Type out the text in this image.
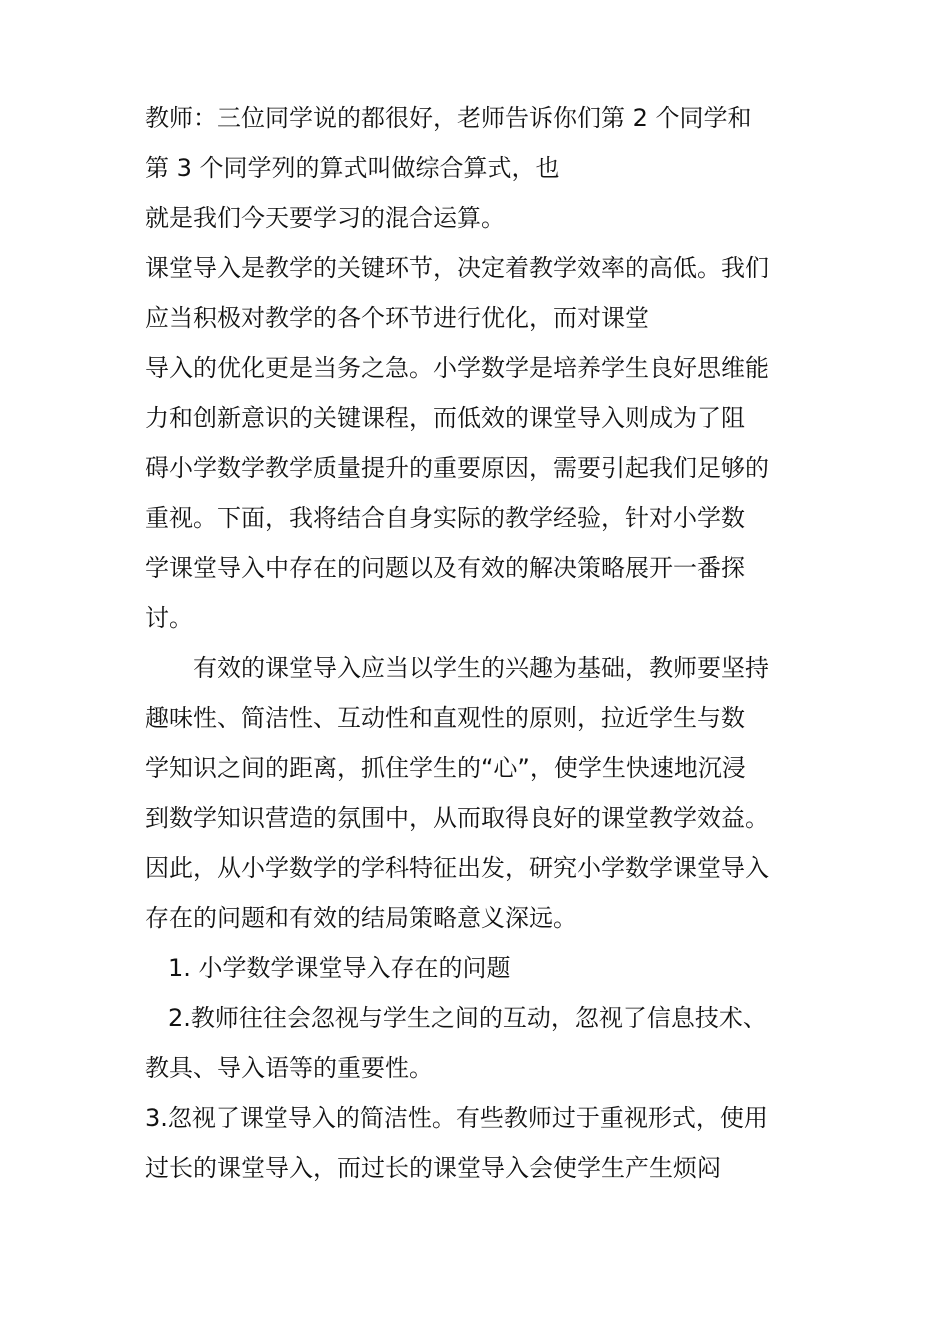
教师：三位同学说的都很好，老师告诉你们第 2 个同学和
第 3 个同学列的算式叫做综合算式，也
就是我们今天要学习的混合运算。
课堂导入是教学的关键环节，决定着教学效率的高低。我们
应当积极对教学的各个环节进行优化，而对课堂
导入的优化更是当务之急。小学数学是培养学生良好思维能
力和创新意识的关键课程，而低效的课堂导入则成为了阻
碍小学数学教学质量提升的重要原因，需要引起我们足够的
重视。下面，我将结合自身实际的教学经验，针对小学数
学课堂导入中存在的问题以及有效的解决策略展开一番探
讨。
有效的课堂导入应当以学生的兴趣为基础，教师要坚持
趣味性、简洁性、互动性和直观性的原则，拉近学生与数
学知识之间的距离，抓住学生的“心”，使学生快速地沉浸
到数学知识营造的氛围中，从而取得良好的课堂教学效益。
因此，从小学数学的学科特征出发，研究小学数学课堂导入
存在的问题和有效的结局策略意义深远。
1. 小学数学课堂导入存在的问题
2.教师往往会忽视与学生之间的互动，忽视了信息技术、
教具、导入语等的重要性。
3.忽视了课堂导入的简洁性。有些教师过于重视形式，使用
过长的课堂导入，而过长的课堂导入会使学生产生烦闷
